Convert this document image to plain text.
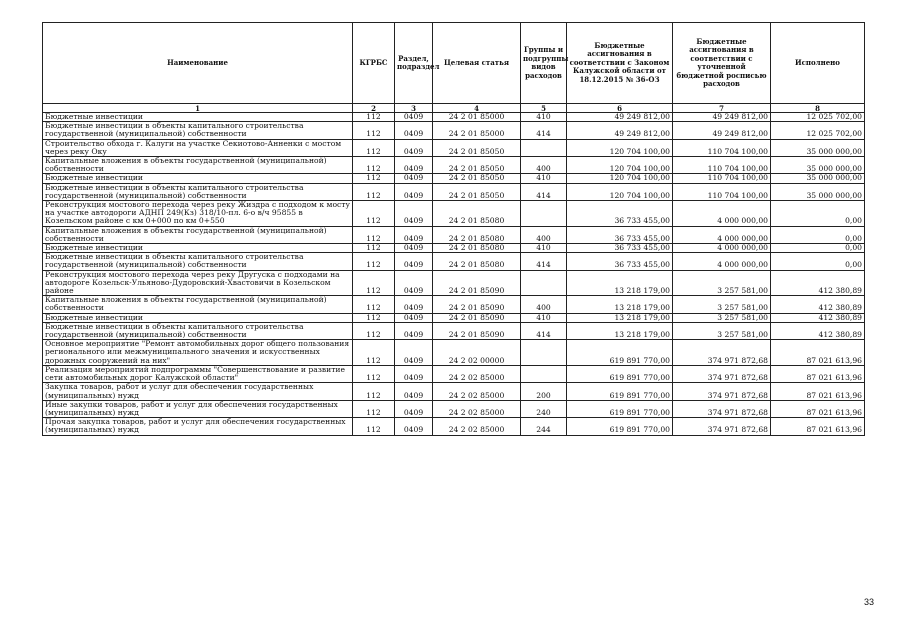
Наименование	КГРБС	Раздел, подраздел	Целевая статья	Группы и подгруппы видов расходов	Бюджетные ассигнования в соответствии с Законом Калужской области от 18.12.2015 № 36-ОЗ	Бюджетные ассигнования в соответствии с уточненной бюджетной росписью расходов	Исполнено
1	2	3	4	5	6	7	8
Бюджетные инвестиции	112	0409	24 2 01 85000	410	49 249 812,00	49 249 812,00	12 025 702,00
Бюджетные инвестиции в объекты капитального строительства государственной (муниципальной) собственности	112	0409	24 2 01 85000	414	49 249 812,00	49 249 812,00	12 025 702,00
Строительство обхода г. Калуги на участке Секиотово-Анненки с мостом через реку Оку	112	0409	24 2 01 85050		120 704 100,00	110 704 100,00	35 000 000,00
Капитальные вложения в объекты государственной (муниципальной) собственности	112	0409	24 2 01 85050	400	120 704 100,00	110 704 100,00	35 000 000,00
Бюджетные инвестиции	112	0409	24 2 01 85050	410	120 704 100,00	110 704 100,00	35 000 000,00
Бюджетные инвестиции в объекты капитального строительства государственной (муниципальной) собственности	112	0409	24 2 01 85050	414	120 704 100,00	110 704 100,00	35 000 000,00
Реконструкция мостового перехода через реку Жиздра с подходом к мосту на участке автодороги АДНП 249(Кз) 318/10-пл. 6-о в/ч 95855 в Козельском районе с км 0+000 по км 0+550	112	0409	24 2 01 85080		36 733 455,00	4 000 000,00	0,00
Капитальные вложения в объекты государственной (муниципальной) собственности	112	0409	24 2 01 85080	400	36 733 455,00	4 000 000,00	0,00
Бюджетные инвестиции	112	0409	24 2 01 85080	410	36 733 455,00	4 000 000,00	0,00
Бюджетные инвестиции в объекты капитального строительства государственной (муниципальной) собственности	112	0409	24 2 01 85080	414	36 733 455,00	4 000 000,00	0,00
Реконструкция мостового перехода через реку Другуска с подходами на автодороге Козельск-Ульяново-Дудоровский-Хвастовичи в Козельском районе	112	0409	24 2 01 85090		13 218 179,00	3 257 581,00	412 380,89
Капитальные вложения в объекты государственной (муниципальной) собственности	112	0409	24 2 01 85090	400	13 218 179,00	3 257 581,00	412 380,89
Бюджетные инвестиции	112	0409	24 2 01 85090	410	13 218 179,00	3 257 581,00	412 380,89
Бюджетные инвестиции в объекты капитального строительства государственной (муниципальной) собственности	112	0409	24 2 01 85090	414	13 218 179,00	3 257 581,00	412 380,89
Основное мероприятие "Ремонт автомобильных дорог общего пользования регионального или межмуниципального значения и искусственных дорожных сооружений на них"	112	0409	24 2 02 00000		619 891 770,00	374 971 872,68	87 021 613,96
Реализация мероприятий подпрограммы "Совершенствование и развитие сети автомобильных дорог Калужской области"	112	0409	24 2 02 85000		619 891 770,00	374 971 872,68	87 021 613,96
Закупка товаров, работ и услуг для обеспечения государственных (муниципальных) нужд	112	0409	24 2 02 85000	200	619 891 770,00	374 971 872,68	87 021 613,96
Иные закупки товаров, работ и услуг для обеспечения государственных (муниципальных) нужд	112	0409	24 2 02 85000	240	619 891 770,00	374 971 872,68	87 021 613,96
Прочая закупка товаров, работ и услуг для обеспечения государственных (муниципальных) нужд	112	0409	24 2 02 85000	244	619 891 770,00	374 971 872,68	87 021 613,96
33
